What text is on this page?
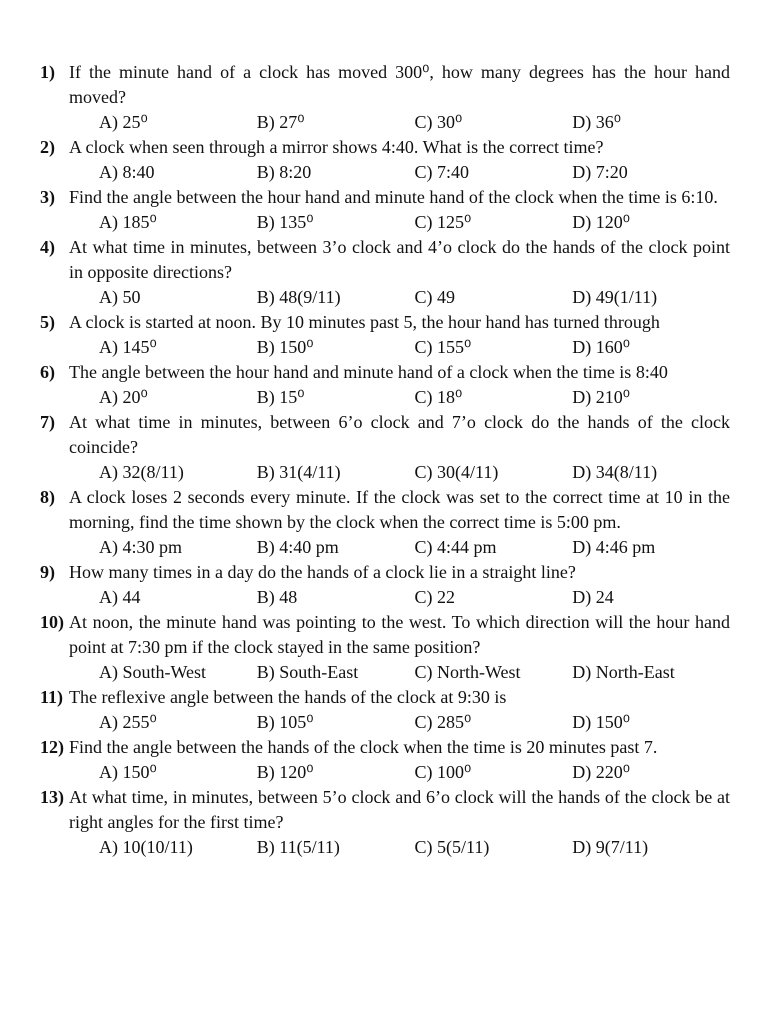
1) If the minute hand of a clock has moved 300⁰, how many degrees has the hour hand moved?
A) 25⁰	B) 27⁰	C) 30⁰	D) 36⁰
2) A clock when seen through a mirror shows 4:40. What is the correct time?
A) 8:40	B) 8:20	C) 7:40	D) 7:20
3) Find the angle between the hour hand and minute hand of the clock when the time is 6:10.
A) 185⁰	B) 135⁰	C) 125⁰	D) 120⁰
4) At what time in minutes, between 3’o clock and 4’o clock do the hands of the clock point in opposite directions?
A) 50	B) 48(9/11)	C) 49	D) 49(1/11)
5) A clock is started at noon. By 10 minutes past 5, the hour hand has turned through
A) 145⁰	B) 150⁰	C) 155⁰	D) 160⁰
6) The angle between the hour hand and minute hand of a clock when the time is 8:40
A) 20⁰	B) 15⁰	C) 18⁰	D) 210⁰
7) At what time in minutes, between 6’o clock and 7’o clock do the hands of the clock coincide?
A) 32(8/11)	B) 31(4/11)	C) 30(4/11)	D) 34(8/11)
8) A clock loses 2 seconds every minute. If the clock was set to the correct time at 10 in the morning, find the time shown by the clock when the correct time is 5:00 pm.
A) 4:30 pm	B) 4:40 pm	C) 4:44 pm	D) 4:46 pm
9) How many times in a day do the hands of a clock lie in a straight line?
A) 44	B) 48	C) 22	D) 24
10) At noon, the minute hand was pointing to the west. To which direction will the hour hand point at 7:30 pm if the clock stayed in the same position?
A) South-West	B) South-East	C) North-West	D) North-East
11) The reflexive angle between the hands of the clock at 9:30 is
A) 255⁰	B) 105⁰	C) 285⁰	D) 150⁰
12) Find the angle between the hands of the clock when the time is 20 minutes past 7.
A) 150⁰	B) 120⁰	C) 100⁰	D) 220⁰
13) At what time, in minutes, between 5’o clock and 6’o clock will the hands of the clock be at right angles for the first time?
A) 10(10/11)	B) 11(5/11)	C) 5(5/11)	D) 9(7/11)
